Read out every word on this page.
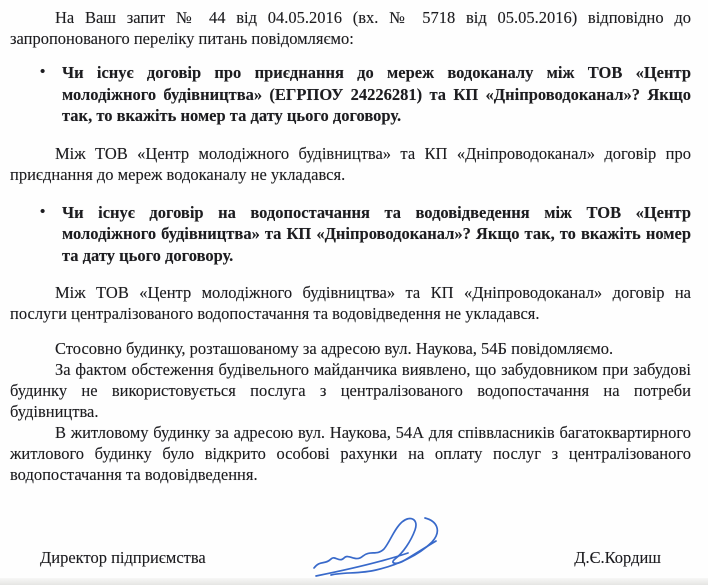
На Ваш запит № 44 від 04.05.2016 (вх. № 5718 від 05.05.2016) відповідно до запропонованого переліку питань повідомляємо:

•	Чи існує договір про приєднання до мереж водоканалу між ТОВ «Центр молодіжного будівництва» (ЕГРПОУ 24226281) та КП «Дніпроводоканал»? Якщо так, то вкажіть номер та дату цього договору.

Між ТОВ «Центр молодіжного будівництва» та КП «Дніпроводоканал» договір про приєднання до мереж водоканалу не укладався.

•	Чи існує договір на водопостачання та водовідведення між ТОВ «Центр молодіжного будівництва» та КП «Дніпроводоканал»? Якщо так, то вкажіть номер та дату цього договору.

Між ТОВ «Центр молодіжного будівництва» та КП «Дніпроводоканал» договір на послуги централізованого водопостачання та водовідведення не укладався.

Стосовно будинку, розташованому за адресою вул. Наукова, 54Б повідомляємо.

За фактом обстеження будівельного майданчика виявлено, що забудовником при забудові будинку не використовується послуга з централізованого водопостачання на потреби будівництва.

В житловому будинку за адресою вул. Наукова, 54А для співвласників багатоквартирного житлового будинку було відкрито особові рахунки на оплату послуг з централізованого водопостачання та водовідведення.

Директор підприємства	Д.Є.Кордиш
